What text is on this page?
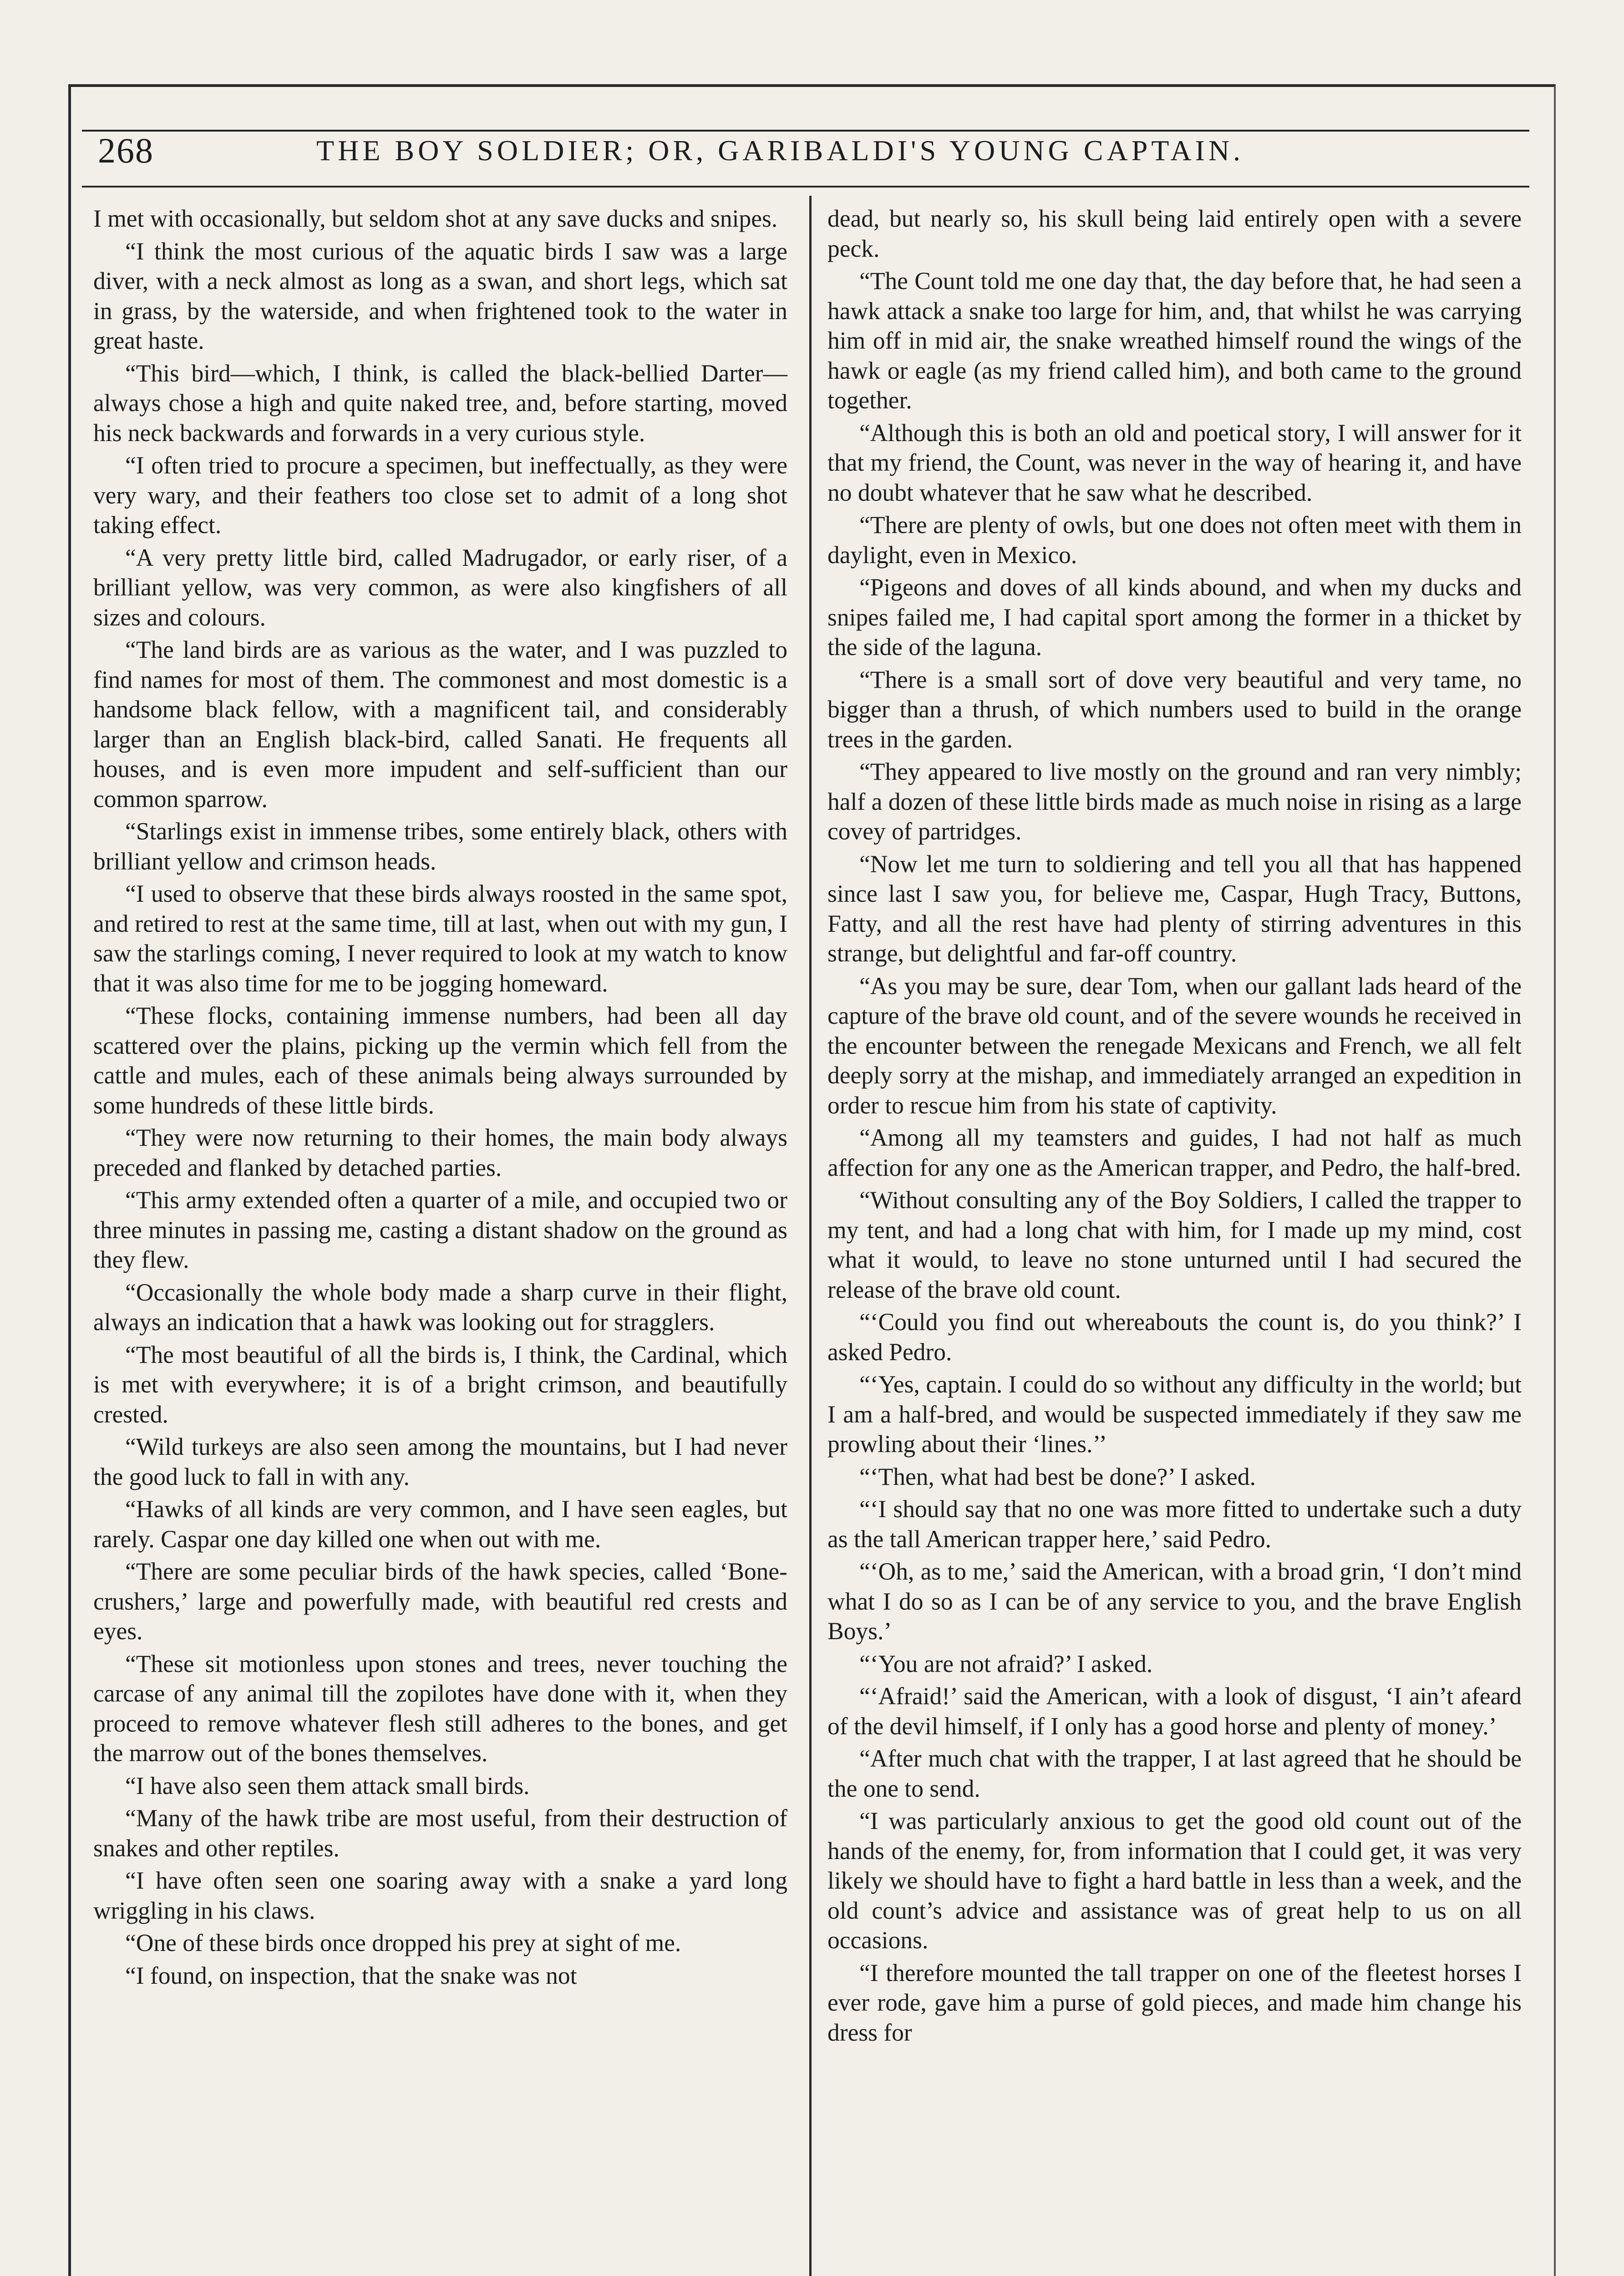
268	THE BOY SOLDIER; OR, GARIBALDI'S YOUNG CAPTAIN.

I met with occasionally, but seldom shot at any save ducks and snipes.

“I think the most curious of the aquatic birds I saw was a large diver, with a neck almost as long as a swan, and short legs, which sat in grass, by the waterside, and when frightened took to the water in great haste.

“This bird—which, I think, is called the black-bellied Darter—always chose a high and quite naked tree, and, before starting, moved his neck backwards and forwards in a very curious style.

“I often tried to procure a specimen, but ineffectually, as they were very wary, and their feathers too close set to admit of a long shot taking effect.

“A very pretty little bird, called Madrugador, or early riser, of a brilliant yellow, was very common, as were also kingfishers of all sizes and colours.

“The land birds are as various as the water, and I was puzzled to find names for most of them. The commonest and most domestic is a handsome black fellow, with a magnificent tail, and considerably larger than an English black-bird, called Sanati. He frequents all houses, and is even more impudent and self-sufficient than our common sparrow.

“Starlings exist in immense tribes, some entirely black, others with brilliant yellow and crimson heads.

“I used to observe that these birds always roosted in the same spot, and retired to rest at the same time, till at last, when out with my gun, I saw the starlings coming, I never required to look at my watch to know that it was also time for me to be jogging homeward.

“These flocks, containing immense numbers, had been all day scattered over the plains, picking up the vermin which fell from the cattle and mules, each of these animals being always surrounded by some hundreds of these little birds.

“They were now returning to their homes, the main body always preceded and flanked by detached parties.

“This army extended often a quarter of a mile, and occupied two or three minutes in passing me, casting a distant shadow on the ground as they flew.

“Occasionally the whole body made a sharp curve in their flight, always an indication that a hawk was looking out for stragglers.

“The most beautiful of all the birds is, I think, the Cardinal, which is met with everywhere; it is of a bright crimson, and beautifully crested.

“Wild turkeys are also seen among the mountains, but I had never the good luck to fall in with any.

“Hawks of all kinds are very common, and I have seen eagles, but rarely. Caspar one day killed one when out with me.

“There are some peculiar birds of the hawk species, called ‘Bone-crushers,’ large and powerfully made, with beautiful red crests and eyes.

“These sit motionless upon stones and trees, never touching the carcase of any animal till the zopilotes have done with it, when they proceed to remove whatever flesh still adheres to the bones, and get the marrow out of the bones themselves.

“I have also seen them attack small birds.

“Many of the hawk tribe are most useful, from their destruction of snakes and other reptiles.

“I have often seen one soaring away with a snake a yard long wriggling in his claws.

“One of these birds once dropped his prey at sight of me.

“I found, on inspection, that the snake was not

dead, but nearly so, his skull being laid entirely open with a severe peck.

“The Count told me one day that, the day before that, he had seen a hawk attack a snake too large for him, and, that whilst he was carrying him off in mid air, the snake wreathed himself round the wings of the hawk or eagle (as my friend called him), and both came to the ground together.

“Although this is both an old and poetical story, I will answer for it that my friend, the Count, was never in the way of hearing it, and have no doubt whatever that he saw what he described.

“There are plenty of owls, but one does not often meet with them in daylight, even in Mexico.

“Pigeons and doves of all kinds abound, and when my ducks and snipes failed me, I had capital sport among the former in a thicket by the side of the laguna.

“There is a small sort of dove very beautiful and very tame, no bigger than a thrush, of which numbers used to build in the orange trees in the garden.

“They appeared to live mostly on the ground and ran very nimbly; half a dozen of these little birds made as much noise in rising as a large covey of partridges.

“Now let me turn to soldiering and tell you all that has happened since last I saw you, for believe me, Caspar, Hugh Tracy, Buttons, Fatty, and all the rest have had plenty of stirring adventures in this strange, but delightful and far-off country.

“As you may be sure, dear Tom, when our gallant lads heard of the capture of the brave old count, and of the severe wounds he received in the encounter between the renegade Mexicans and French, we all felt deeply sorry at the mishap, and immediately arranged an expedition in order to rescue him from his state of captivity.

“Among all my teamsters and guides, I had not half as much affection for any one as the American trapper, and Pedro, the half-bred.

“Without consulting any of the Boy Soldiers, I called the trapper to my tent, and had a long chat with him, for I made up my mind, cost what it would, to leave no stone unturned until I had secured the release of the brave old count.

“‘Could you find out whereabouts the count is, do you think?’ I asked Pedro.

“‘Yes, captain. I could do so without any difficulty in the world; but I am a half-bred, and would be suspected immediately if they saw me prowling about their ‘lines.’’

“‘Then, what had best be done?’ I asked.

“‘I should say that no one was more fitted to undertake such a duty as the tall American trapper here,’ said Pedro.

“‘Oh, as to me,’ said the American, with a broad grin, ‘I don’t mind what I do so as I can be of any service to you, and the brave English Boys.’

“‘You are not afraid?’ I asked.

“‘Afraid!’ said the American, with a look of disgust, ‘I ain’t afeard of the devil himself, if I only has a good horse and plenty of money.’

“After much chat with the trapper, I at last agreed that he should be the one to send.

“I was particularly anxious to get the good old count out of the hands of the enemy, for, from information that I could get, it was very likely we should have to fight a hard battle in less than a week, and the old count’s advice and assistance was of great help to us on all occasions.

“I therefore mounted the tall trapper on one of the fleetest horses I ever rode, gave him a purse of gold pieces, and made him change his dress for
